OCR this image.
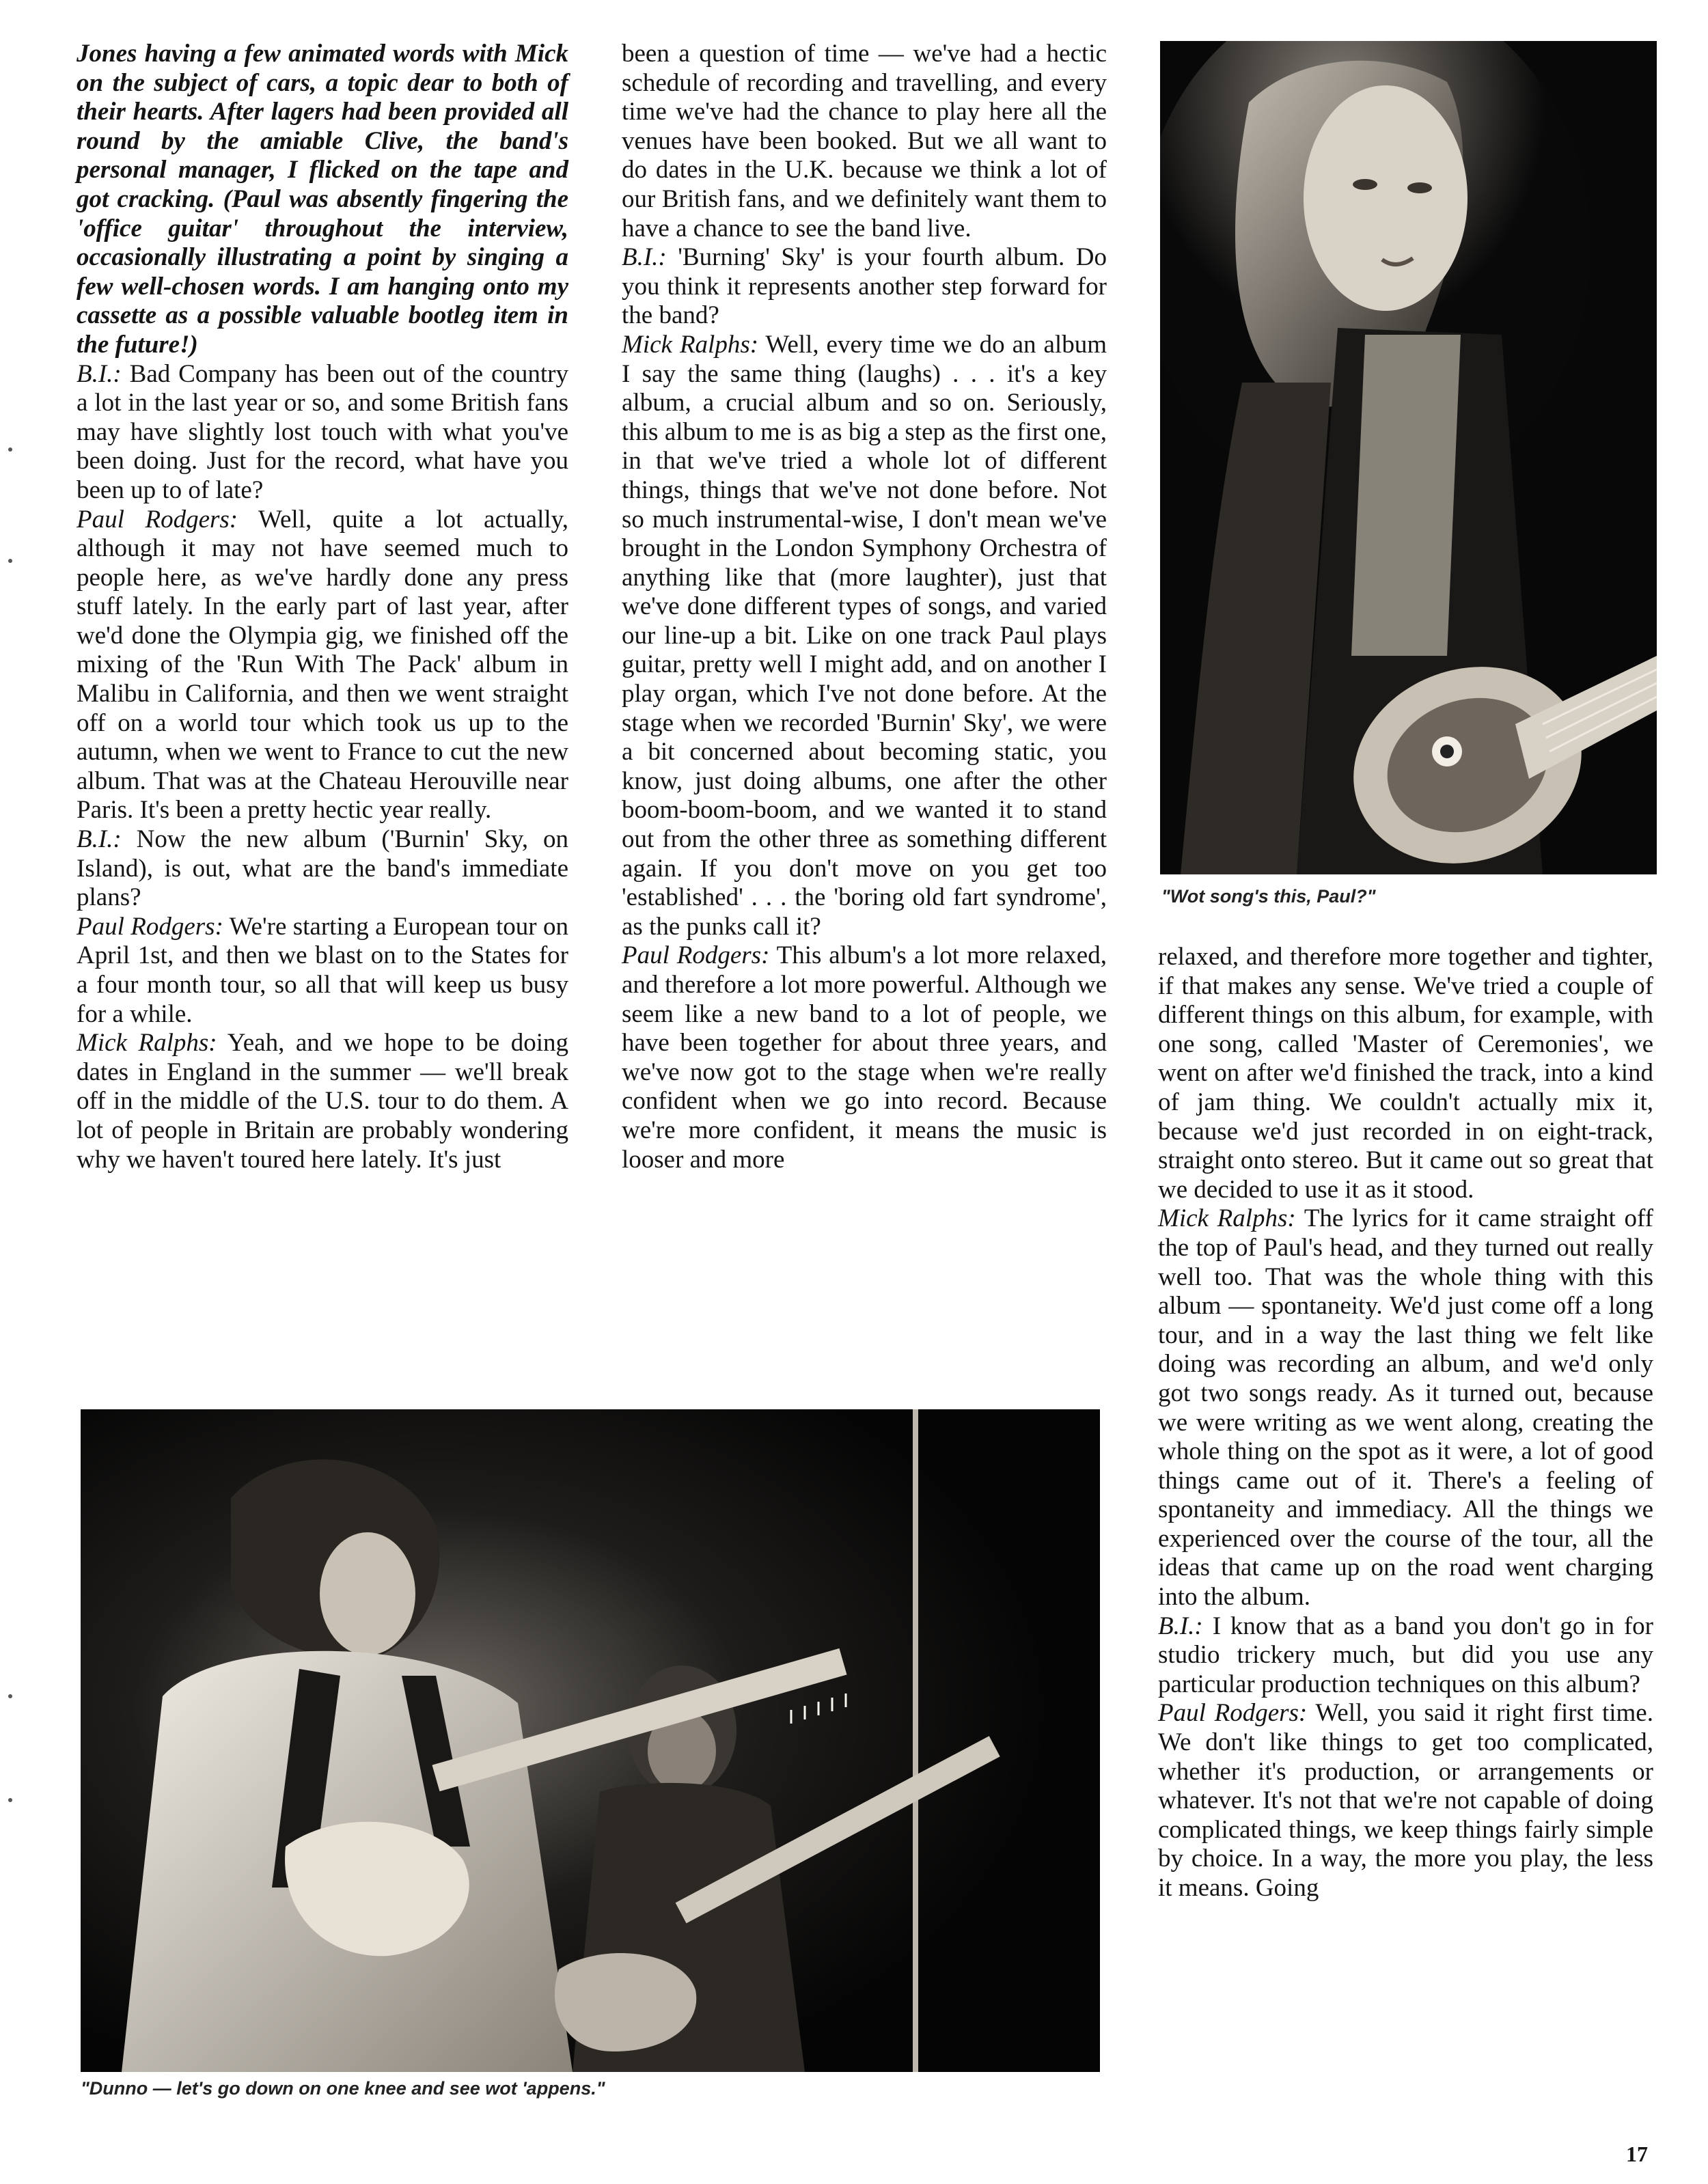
Jones having a few animated words with Mick on the subject of cars, a topic dear to both of their hearts. After lagers had been provided all round by the amiable Clive, the band's personal manager, I flicked on the tape and got cracking. (Paul was absently fingering the 'office guitar' throughout the interview, occasionally illustrating a point by singing a few well-chosen words. I am hanging onto my cassette as a possible valuable bootleg item in the future!)

B.I.: Bad Company has been out of the country a lot in the last year or so, and some British fans may have slightly lost touch with what you've been doing. Just for the record, what have you been up to of late?

Paul Rodgers: Well, quite a lot actually, although it may not have seemed much to people here, as we've hardly done any press stuff lately. In the early part of last year, after we'd done the Olympia gig, we finished off the mixing of the 'Run With The Pack' album in Malibu in California, and then we went straight off on a world tour which took us up to the autumn, when we went to France to cut the new album. That was at the Chateau Herouville near Paris. It's been a pretty hectic year really.

B.I.: Now the new album ('Burnin' Sky, on Island), is out, what are the band's immediate plans?

Paul Rodgers: We're starting a European tour on April 1st, and then we blast on to the States for a four month tour, so all that will keep us busy for a while.

Mick Ralphs: Yeah, and we hope to be doing dates in England in the summer — we'll break off in the middle of the U.S. tour to do them. A lot of people in Britain are probably wondering why we haven't toured here lately. It's just

been a question of time — we've had a hectic schedule of recording and travelling, and every time we've had the chance to play here all the venues have been booked. But we all want to do dates in the U.K. because we think a lot of our British fans, and we definitely want them to have a chance to see the band live.

B.I.: 'Burning' Sky' is your fourth album. Do you think it represents another step forward for the band?

Mick Ralphs: Well, every time we do an album I say the same thing (laughs) . . . it's a key album, a crucial album and so on. Seriously, this album to me is as big a step as the first one, in that we've tried a whole lot of different things, things that we've not done before. Not so much instrumental-wise, I don't mean we've brought in the London Symphony Orchestra of anything like that (more laughter), just that we've done different types of songs, and varied our line-up a bit. Like on one track Paul plays guitar, pretty well I might add, and on another I play organ, which I've not done before. At the stage when we recorded 'Burnin' Sky', we were a bit concerned about becoming static, you know, just doing albums, one after the other boom-boom-boom, and we wanted it to stand out from the other three as something different again. If you don't move on you get too 'established' . . . the 'boring old fart syndrome', as the punks call it?

Paul Rodgers: This album's a lot more relaxed, and therefore a lot more powerful. Although we seem like a new band to a lot of people, we have been together for about three years, and we've now got to the stage when we're really confident when we go into record. Because we're more confident, it means the music is looser and more

"Wot song's this, Paul?"

relaxed, and therefore more together and tighter, if that makes any sense. We've tried a couple of different things on this album, for example, with one song, called 'Master of Ceremonies', we went on after we'd finished the track, into a kind of jam thing. We couldn't actually mix it, because we'd just recorded in on eight-track, straight onto stereo. But it came out so great that we decided to use it as it stood.

Mick Ralphs: The lyrics for it came straight off the top of Paul's head, and they turned out really well too. That was the whole thing with this album — spontaneity. We'd just come off a long tour, and in a way the last thing we felt like doing was recording an album, and we'd only got two songs ready. As it turned out, because we were writing as we went along, creating the whole thing on the spot as it were, a lot of good things came out of it. There's a feeling of spontaneity and immediacy. All the things we experienced over the course of the tour, all the ideas that came up on the road went charging into the album.

B.I.: I know that as a band you don't go in for studio trickery much, but did you use any particular production techniques on this album?

Paul Rodgers: Well, you said it right first time. We don't like things to get too complicated, whether it's production, or arrangements or whatever. It's not that we're not capable of doing complicated things, we keep things fairly simple by choice. In a way, the more you play, the less it means. Going

"Dunno — let's go down on one knee and see wot 'appens."
17
